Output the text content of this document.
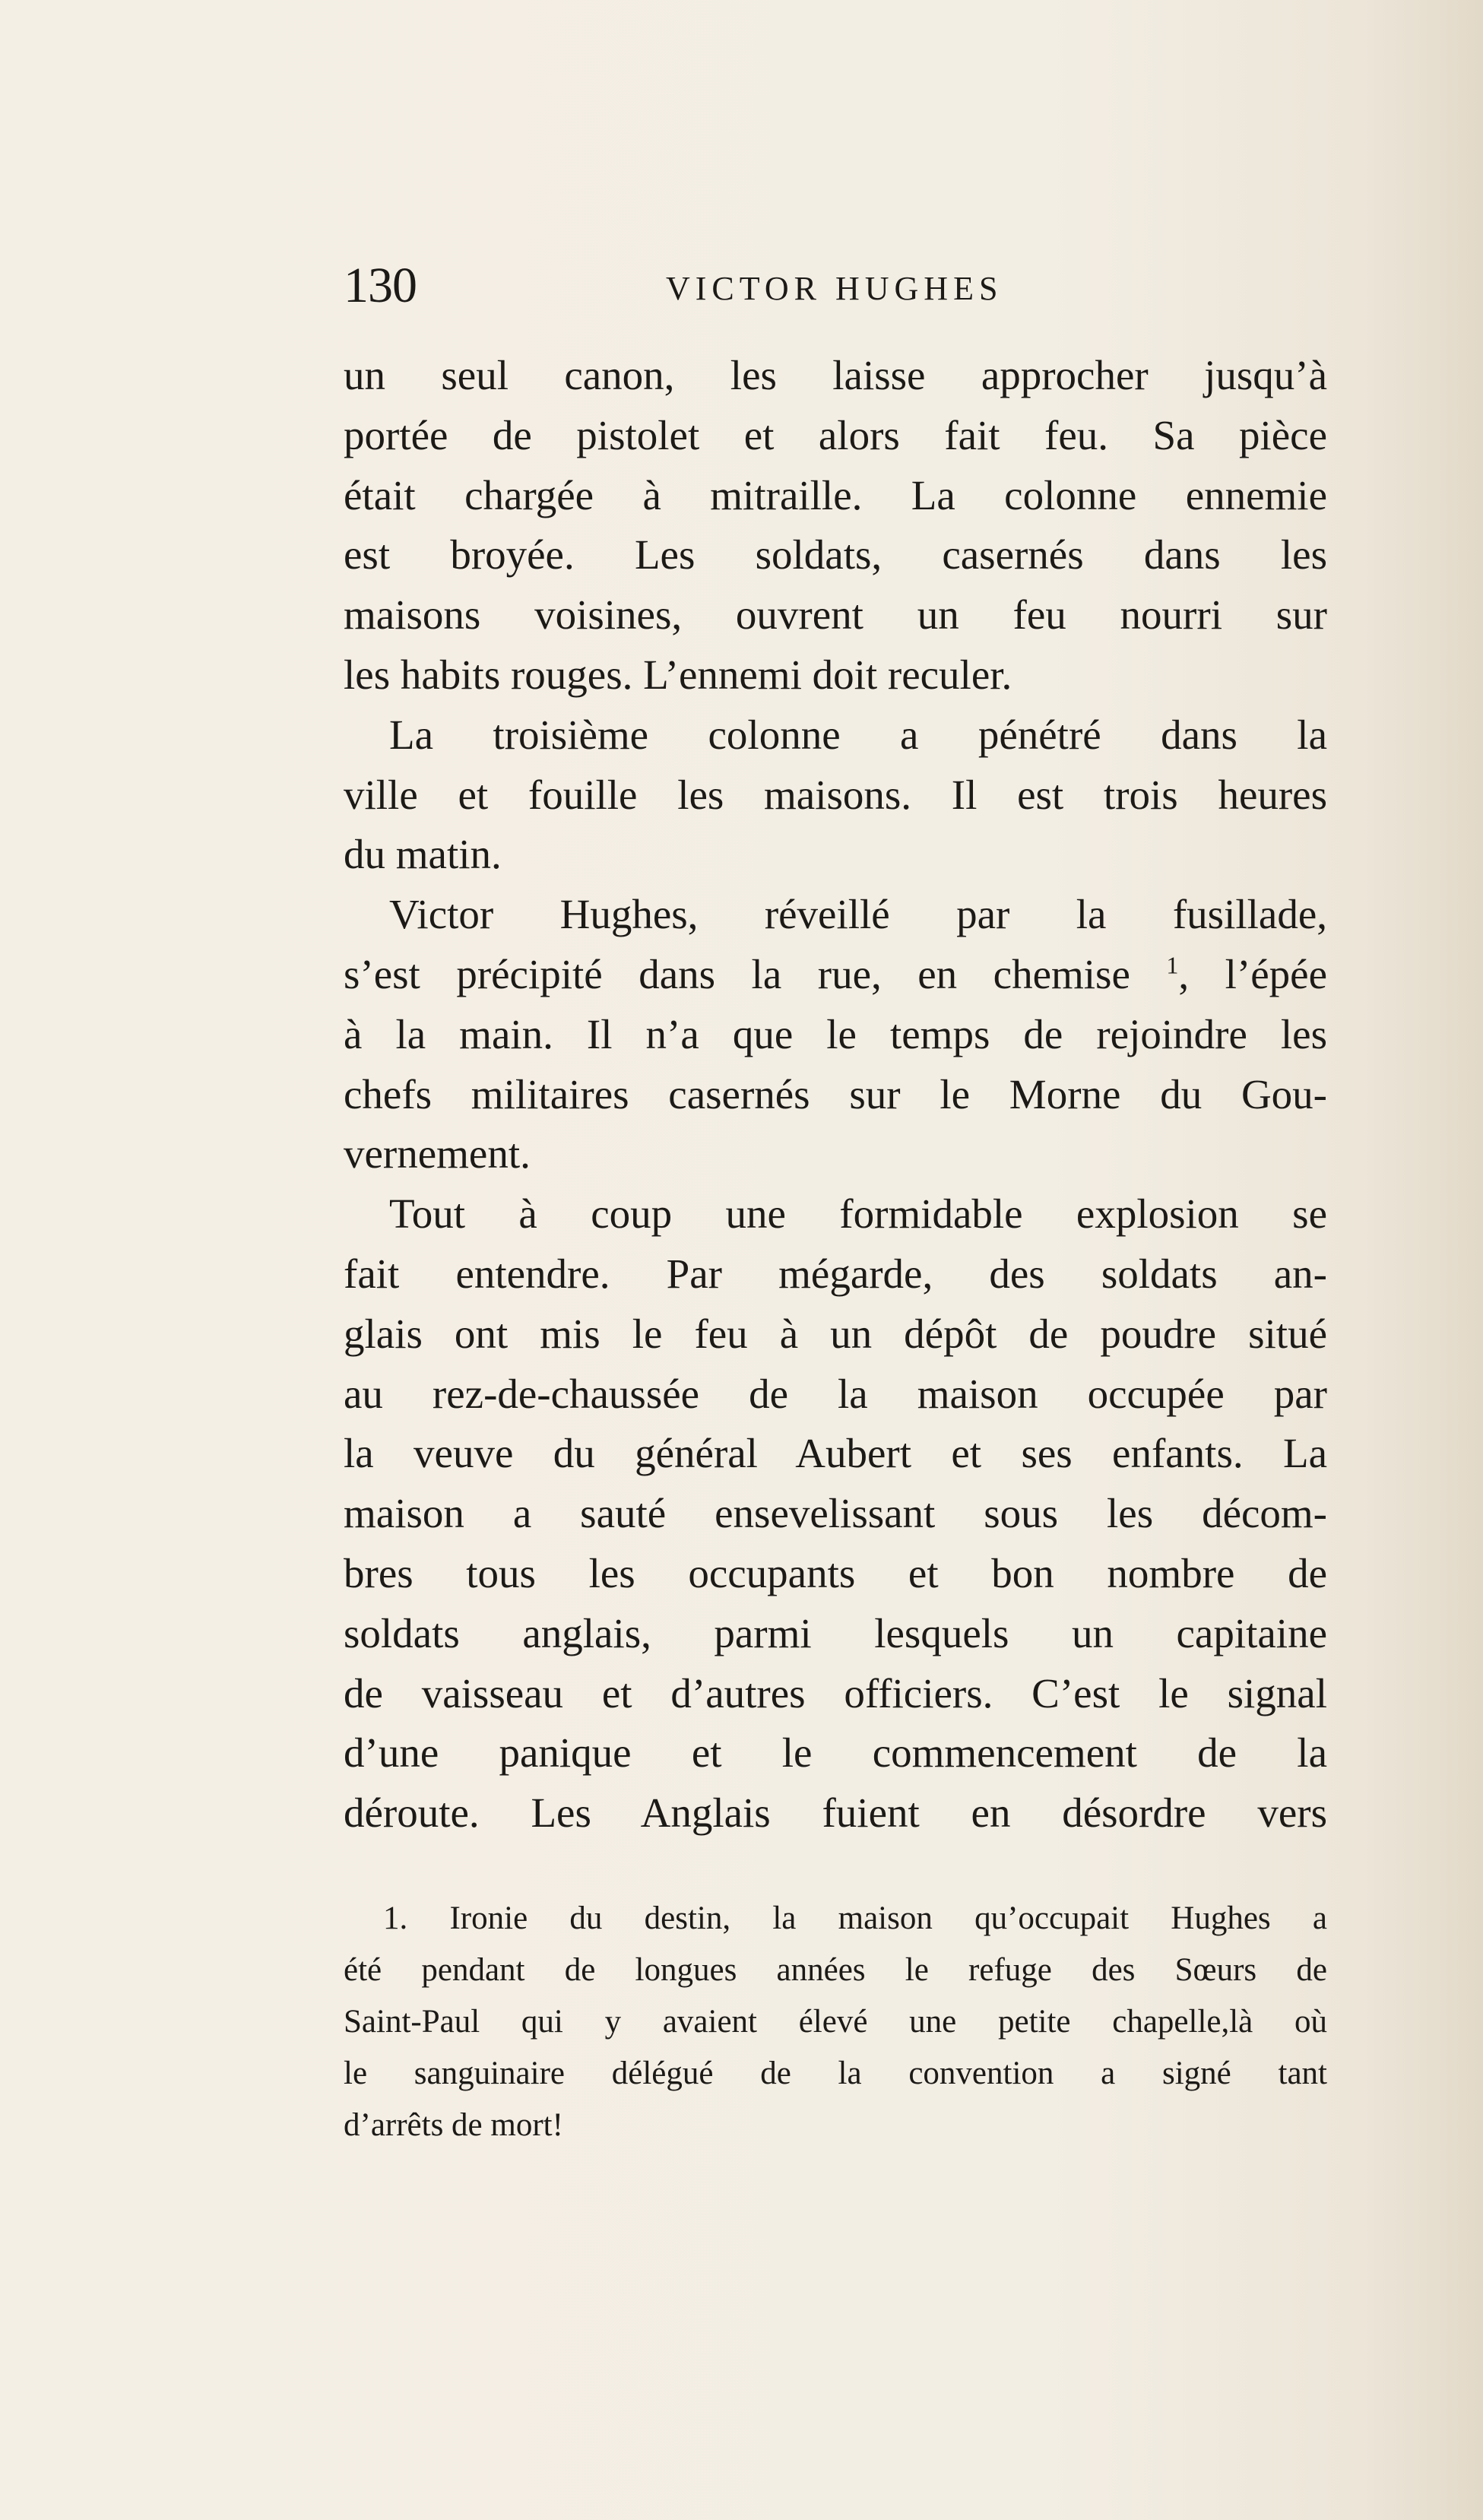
130	VICTOR HUGHES
un seul canon, les laisse approcher jusqu’à
portée de pistolet et alors fait feu. Sa pièce
était chargée à mitraille. La colonne ennemie
est broyée. Les soldats, casernés dans les
maisons voisines, ouvrent un feu nourri sur
les habits rouges. L’ennemi doit reculer.
La troisième colonne a pénétré dans la
ville et fouille les maisons. Il est trois heures
du matin.
Victor Hughes, réveillé par la fusillade,
s’est précipité dans la rue, en chemise $^1$, l’épée
à la main. Il n’a que le temps de rejoindre les
chefs militaires casernés sur le Morne du Gou-
vernement.
Tout à coup une formidable explosion se
fait entendre. Par mégarde, des soldats an-
glais ont mis le feu à un dépôt de poudre situé
au rez-de-chaussée de la maison occupée par
la veuve du général Aubert et ses enfants. La
maison a sauté ensevelissant sous les décom-
bres tous les occupants et bon nombre de
soldats anglais, parmi lesquels un capitaine
de vaisseau et d’autres officiers. C’est le signal
d’une panique et le commencement de la
déroute. Les Anglais fuient en désordre vers
1. Ironie du destin, la maison qu’occupait Hughes a
été pendant de longues années le refuge des Sœurs de
Saint-Paul qui y avaient élevé une petite chapelle,là où
le sanguinaire délégué de la convention a signé tant
d’arrêts de mort!
